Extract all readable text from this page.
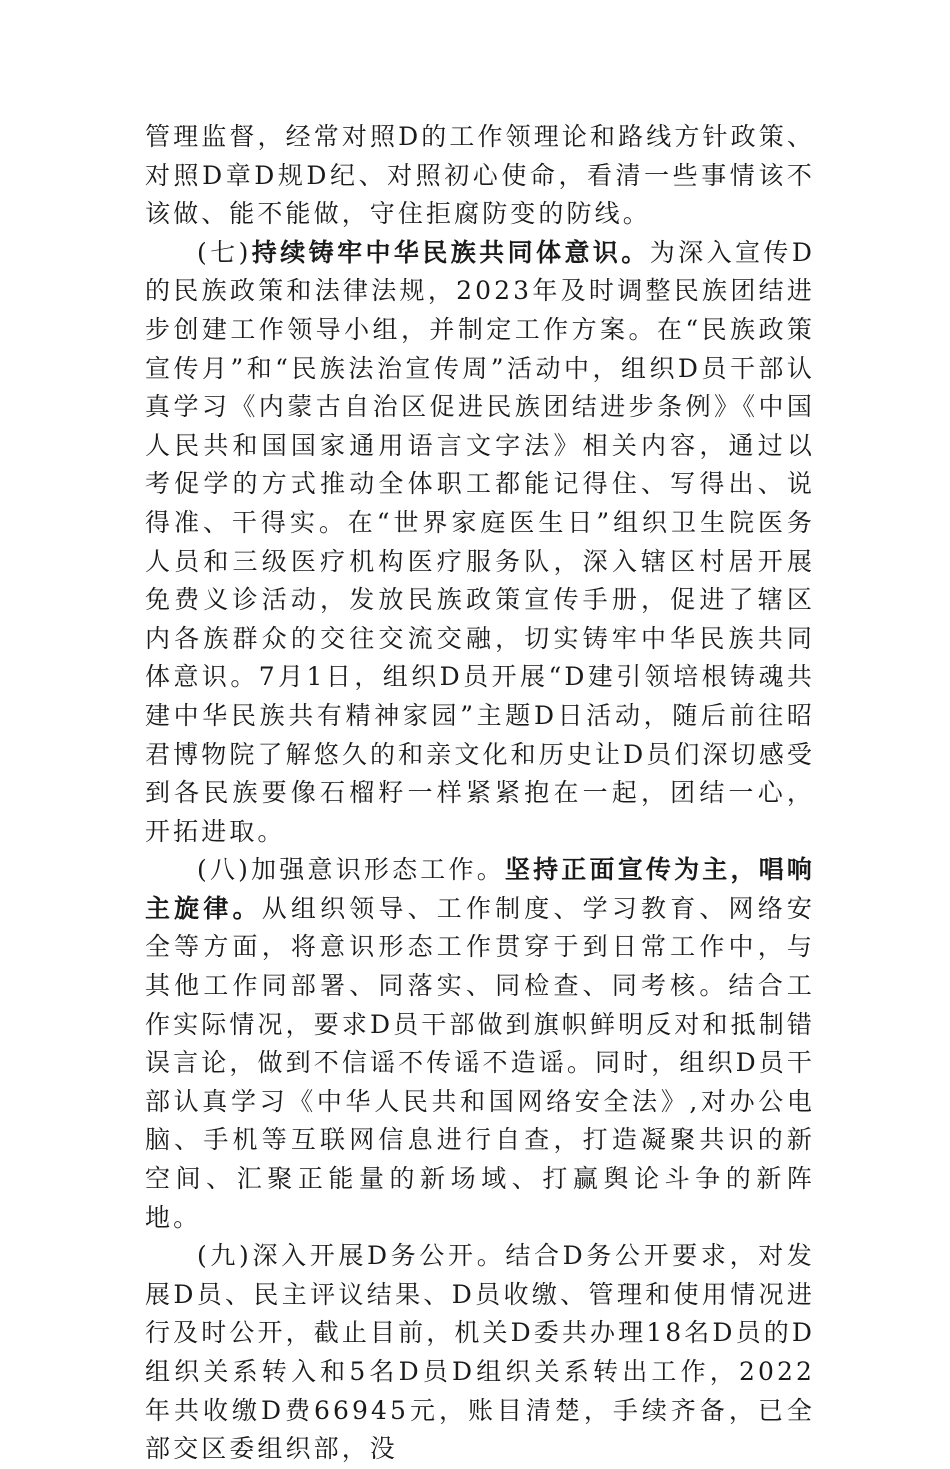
管理监督，经常对照D的工作领理论和路线方针政策、对照D章D规D纪、对照初心使命，看清一些事情该不该做、能不能做，守住拒腐防变的防线。

(七)持续铸牢中华民族共同体意识。为深入宣传D的民族政策和法律法规，2023年及时调整民族团结进步创建工作领导小组，并制定工作方案。在“民族政策宣传月”和“民族法治宣传周”活动中，组织D员干部认真学习《内蒙古自治区促进民族团结进步条例》《中国人民共和国国家通用语言文字法》相关内容，通过以考促学的方式推动全体职工都能记得住、写得出、说得准、干得实。在“世界家庭医生日”组织卫生院医务人员和三级医疗机构医疗服务队，深入辖区村居开展免费义诊活动，发放民族政策宣传手册，促进了辖区内各族群众的交往交流交融，切实铸牢中华民族共同体意识。7月1日，组织D员开展“D建引领培根铸魂共建中华民族共有精神家园”主题D日活动，随后前往昭君博物院了解悠久的和亲文化和历史让D员们深切感受到各民族要像石榴籽一样紧紧抱在一起，团结一心，开拓进取。

(八)加强意识形态工作。坚持正面宣传为主，唱响主旋律。从组织领导、工作制度、学习教育、网络安全等方面，将意识形态工作贯穿于到日常工作中，与其他工作同部署、同落实、同检查、同考核。结合工作实际情况，要求D员干部做到旗帜鲜明反对和抵制错误言论，做到不信谣不传谣不造谣。同时，组织D员干部认真学习《中华人民共和国网络安全法》,对办公电脑、手机等互联网信息进行自查，打造凝聚共识的新空间、汇聚正能量的新场域、打赢舆论斗争的新阵地。

(九)深入开展D务公开。结合D务公开要求，对发展D员、民主评议结果、D员收缴、管理和使用情况进行及时公开，截止目前，机关D委共办理18名D员的D组织关系转入和5名D员D组织关系转出工作，2022年共收缴D费66945元，账目清楚，手续齐备，已全部交区委组织部，没
